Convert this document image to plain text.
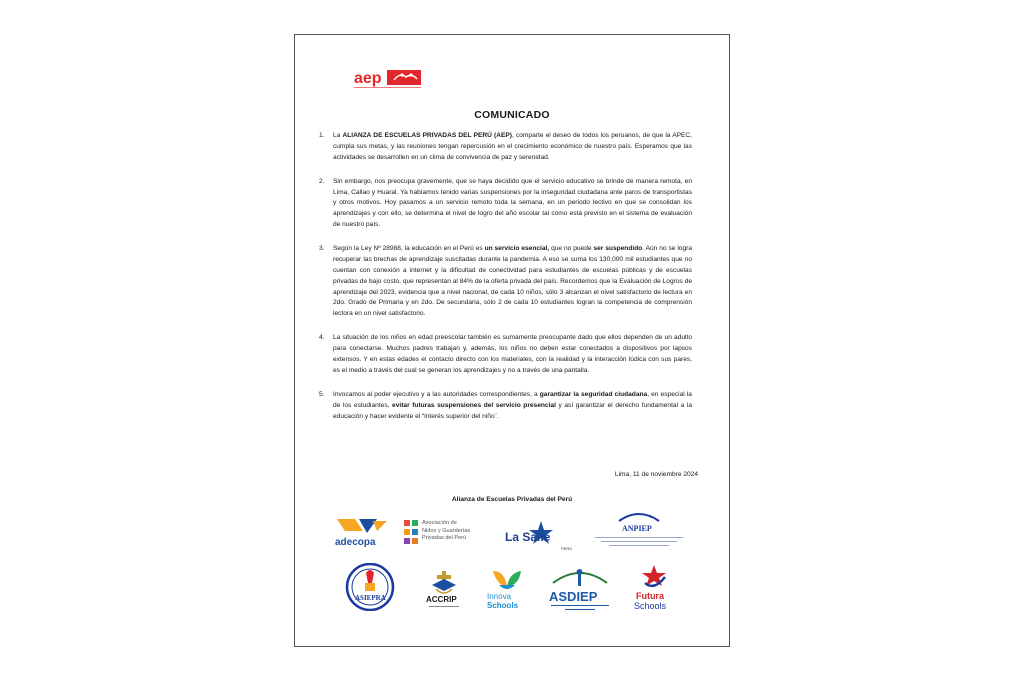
aep
COMUNICADO
1.	La ALIANZA DE ESCUELAS PRIVADAS DEL PERÚ (AEP), comparte el deseo de todos los peruanos, de que la APEC, cumpla sus metas, y las reuniones tengan repercusión en el crecimiento económico de nuestro país. Esperamos que las actividades se desarrollen en un clima de convivencia de paz y serenidad.
2.	Sin embargo, nos preocupa gravemente, que se haya decidido que el servicio educativo se brinde de manera remota, en Lima, Callao y Huaral. Ya habíamos tenido varias suspensiones por la inseguridad ciudadana ante paros de transportistas y otros motivos. Hoy pasamos a un servicio remoto toda la semana, en un periodo lectivo en que se consolidan los aprendizajes y con ello, se determina el nivel de logro del año escolar tal como está previsto en el sistema de evaluación de nuestro país.
3.	Según la Ley Nº 28988, la educación en el Perú es un servicio esencial, que no puede ser suspendido. Aún no se logra recuperar las brechas de aprendizaje suscitadas durante la pandemia. A eso se suma los 130,000 mil estudiantes que no cuentan con conexión a internet y la dificultad de conectividad para estudiantes de escuelas públicas y de escuelas privadas de bajo costo, que representan al 84% de la oferta privada del país. Recordemos que la Evaluación de Logros de aprendizaje del 2023, evidencia que a nivel nacional, de cada 10 niños, sólo 3 alcanzan el nivel satisfactorio de lectura en 2do. Grado de Primaria y en 2do. De secundaria, sólo 2 de cada 10 estudiantes logran la competencia de comprensión lectora en un nivel satisfactorio.
4.	La situación de los niños en edad preescolar también es sumamente preocupante dado que ellos dependen de un adulto para conectarse. Muchos padres trabajan y, además, los niños no deben estar conectados a dispositivos por lapsos extensos. Y en estas edades el contacto directo con los materiales, con la realidad y la interacción lúdica con sus pares, es el medio a través del cual se generan los aprendizajes y no a través de una pantalla.
5.	Invocamos al poder ejecutivo y a las autoridades correspondientes, a garantizar la seguridad ciudadana, en especial la de los estudiantes, evitar futuras suspensiones del servicio presencial y así garantizar el derecho fundamental a la educación y hacer evidente el “interés superior del niño¨.
Lima, 11 de noviembre 2024
Alianza de Escuelas Privadas del Perú
adecopa
Asociación de
Nidos y Guarderías
Privadas del Perú	La Salle
PERÚ
ANPIEP
ASIEPRA	ACCRIP	Innova
Schools
ASDIEP	Futura
Schools
